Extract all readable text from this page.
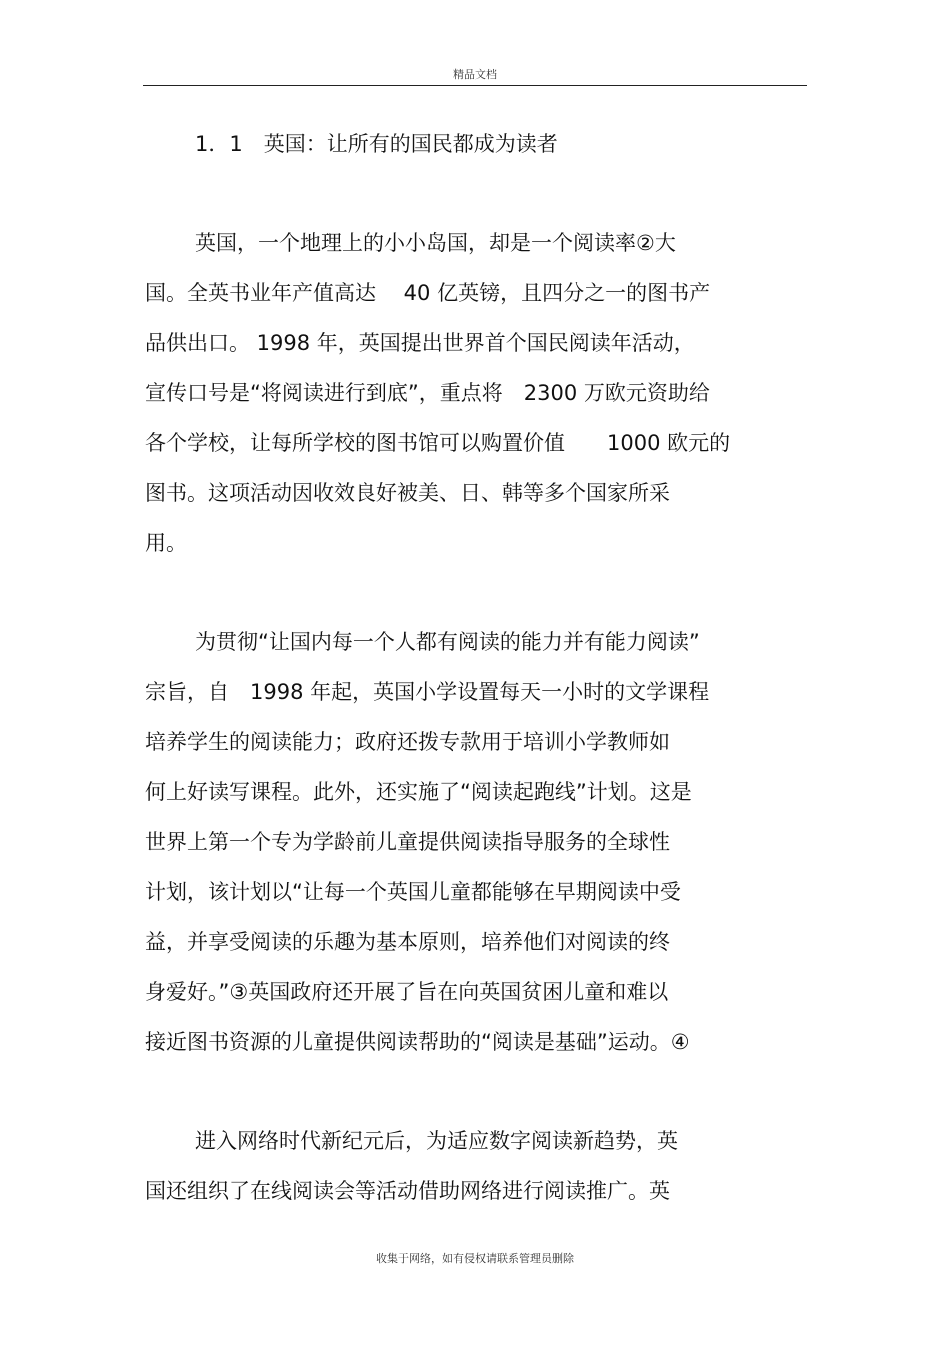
精品文档
1．1　英国：让所有的国民都成为读者
英国，一个地理上的小小岛国，却是一个阅读率②大
国。全英书业年产值高达　 40 亿英镑，且四分之一的图书产
品供出口。 1998 年，英国提出世界首个国民阅读年活动，
宣传口号是“将阅读进行到底”，重点将　2300 万欧元资助给
各个学校，让每所学校的图书馆可以购置价值　　1000 欧元的
图书。这项活动因收效良好被美、日、韩等多个国家所采
用。
为贯彻“让国内每一个人都有阅读的能力并有能力阅读”
宗旨，自　1998 年起，英国小学设置每天一小时的文学课程
培养学生的阅读能力；政府还拨专款用于培训小学教师如
何上好读写课程。此外，还实施了“阅读起跑线”计划。这是
世界上第一个专为学龄前儿童提供阅读指导服务的全球性
计划，该计划以“让每一个英国儿童都能够在早期阅读中受
益，并享受阅读的乐趣为基本原则，培养他们对阅读的终
身爱好。”③英国政府还开展了旨在向英国贫困儿童和难以
接近图书资源的儿童提供阅读帮助的“阅读是基础”运动。④
进入网络时代新纪元后，为适应数字阅读新趋势，英
国还组织了在线阅读会等活动借助网络进行阅读推广。英
收集于网络，如有侵权请联系管理员删除
